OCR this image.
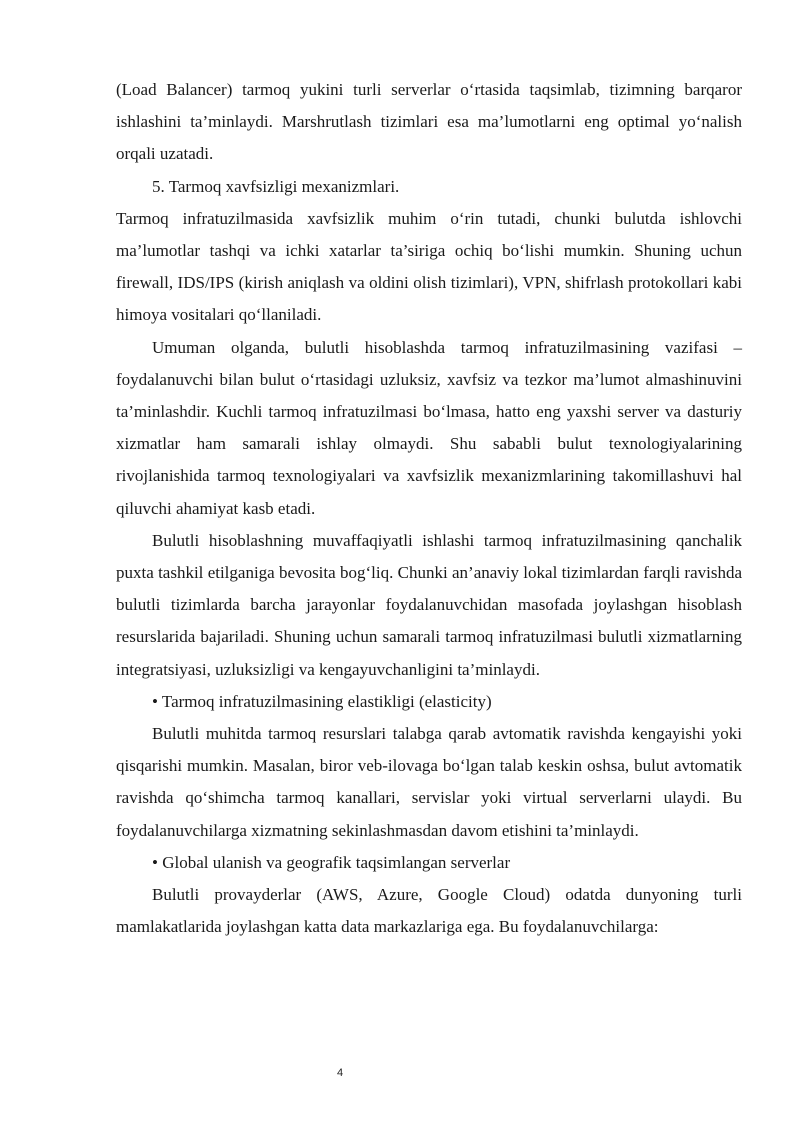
(Load Balancer) tarmoq yukini turli serverlar o‘rtasida taqsimlab, tizimning barqaror ishlashini ta’minlaydi. Marshrutlash tizimlari esa ma’lumotlarni eng optimal yo‘nalish orqali uzatadi.

5. Tarmoq xavfsizligi mexanizmlari.

Tarmoq infratuzilmasida xavfsizlik muhim o‘rin tutadi, chunki bulutda ishlovchi ma’lumotlar tashqi va ichki xatarlar ta’siriga ochiq bo‘lishi mumkin. Shuning uchun firewall, IDS/IPS (kirish aniqlash va oldini olish tizimlari), VPN, shifrlash protokollari kabi himoya vositalari qo‘llaniladi.

Umuman olganda, bulutli hisoblashda tarmoq infratuzilmasining vazifasi – foydalanuvchi bilan bulut o‘rtasidagi uzluksiz, xavfsiz va tezkor ma’lumot almashinuvini ta’minlashdir. Kuchli tarmoq infratuzilmasi bo‘lmasa, hatto eng yaxshi server va dasturiy xizmatlar ham samarali ishlay olmaydi. Shu sababli bulut texnologiyalarining rivojlanishida tarmoq texnologiyalari va xavfsizlik mexanizmlarining takomillashuvi hal qiluvchi ahamiyat kasb etadi.

Bulutli hisoblashning muvaffaqiyatli ishlashi tarmoq infratuzilmasining qanchalik puxta tashkil etilganiga bevosita bog‘liq. Chunki an’anaviy lokal tizimlardan farqli ravishda bulutli tizimlarda barcha jarayonlar foydalanuvchidan masofada joylashgan hisoblash resurslarida bajariladi. Shuning uchun samarali tarmoq infratuzilmasi bulutli xizmatlarning integratsiyasi, uzluksizligi va kengayuvchanligini ta’minlaydi.

• Tarmoq infratuzilmasining elastikligi (elasticity)

Bulutli muhitda tarmoq resurslari talabga qarab avtomatik ravishda kengayishi yoki qisqarishi mumkin. Masalan, biror veb-ilovaga bo‘lgan talab keskin oshsa, bulut avtomatik ravishda qo‘shimcha tarmoq kanallari, servislar yoki virtual serverlarni ulaydi. Bu foydalanuvchilarga xizmatning sekinlashmasdan davom etishini ta’minlaydi.

• Global ulanish va geografik taqsimlangan serverlar

Bulutli provayderlar (AWS, Azure, Google Cloud) odatda dunyoning turli mamlakatlarida joylashgan katta data markazlariga ega. Bu foydalanuvchilarga:

4
